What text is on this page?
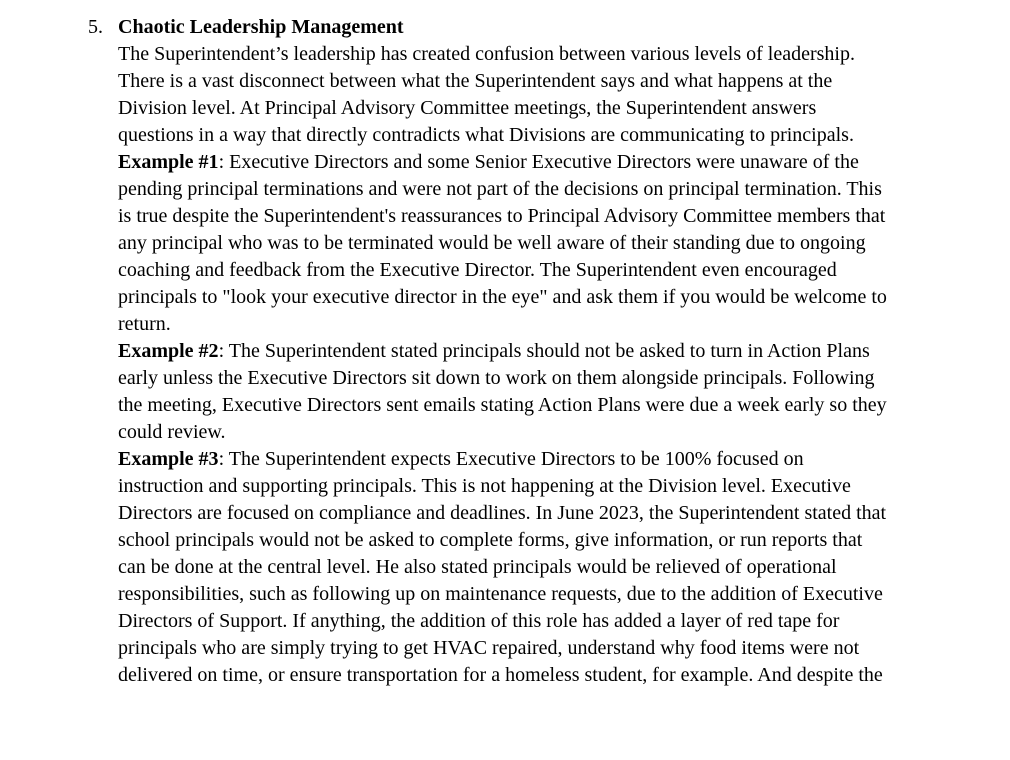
5. Chaotic Leadership Management
The Superintendent’s leadership has created confusion between various levels of leadership.
There is a vast disconnect between what the Superintendent says and what happens at the
Division level. At Principal Advisory Committee meetings, the Superintendent answers
questions in a way that directly contradicts what Divisions are communicating to principals.
Example #1: Executive Directors and some Senior Executive Directors were unaware of the
pending principal terminations and were not part of the decisions on principal termination. This
is true despite the Superintendent's reassurances to Principal Advisory Committee members that
any principal who was to be terminated would be well aware of their standing due to ongoing
coaching and feedback from the Executive Director. The Superintendent even encouraged
principals to "look your executive director in the eye" and ask them if you would be welcome to
return.
Example #2: The Superintendent stated principals should not be asked to turn in Action Plans
early unless the Executive Directors sit down to work on them alongside principals. Following
the meeting, Executive Directors sent emails stating Action Plans were due a week early so they
could review.
Example #3: The Superintendent expects Executive Directors to be 100% focused on
instruction and supporting principals. This is not happening at the Division level. Executive
Directors are focused on compliance and deadlines. In June 2023, the Superintendent stated that
school principals would not be asked to complete forms, give information, or run reports that
can be done at the central level. He also stated principals would be relieved of operational
responsibilities, such as following up on maintenance requests, due to the addition of Executive
Directors of Support. If anything, the addition of this role has added a layer of red tape for
principals who are simply trying to get HVAC repaired, understand why food items were not
delivered on time, or ensure transportation for a homeless student, for example. And despite the
